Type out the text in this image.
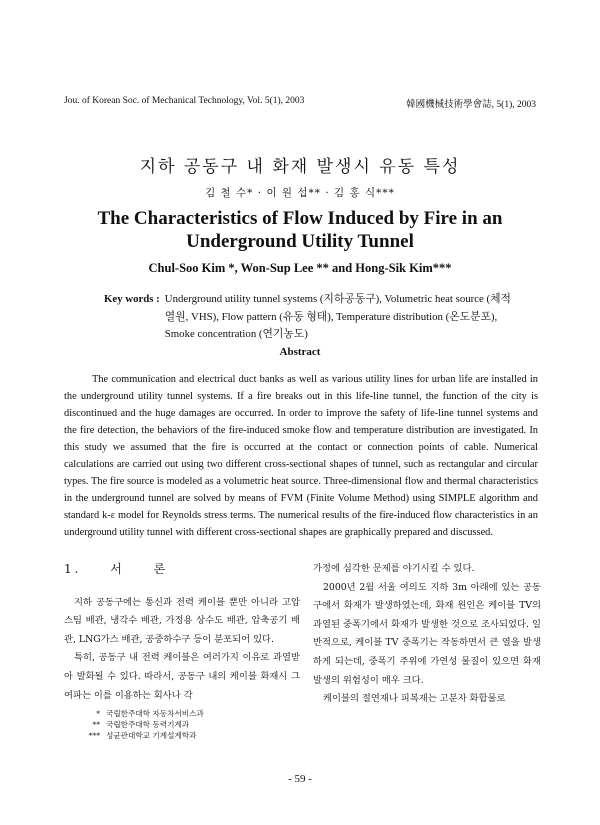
Jou. of Korean Soc. of Mechanical Technology, Vol. 5(1), 2003	韓國機械技術學會誌, 5(1), 2003
지하 공동구 내 화재 발생시 유동 특성
김 철 수* · 이 원 섭** · 김 홍 식***
The Characteristics of Flow Induced by Fire in an Underground Utility Tunnel
Chul-Soo Kim *, Won-Sup Lee ** and Hong-Sik Kim***
Key words : Underground utility tunnel systems (지하공동구), Volumetric heat source (체적 열원, VHS), Flow pattern (유동 형태), Temperature distribution (온도분포), Smoke concentration (연기농도)
Abstract
The communication and electrical duct banks as well as various utility lines for urban life are installed in the underground utility tunnel systems. If a fire breaks out in this life-line tunnel, the function of the city is discontinued and the huge damages are occurred. In order to improve the safety of life-line tunnel systems and the fire detection, the behaviors of the fire-induced smoke flow and temperature distribution are investigated. In this study we assumed that the fire is occurred at the contact or connection points of cable. Numerical calculations are carried out using two different cross-sectional shapes of tunnel, such as rectangular and circular types. The fire source is modeled as a volumetric heat source. Three-dimensional flow and thermal characteristics in the underground tunnel are solved by means of FVM (Finite Volume Method) using SIMPLE algorithm and standard k-ε model for Reynolds stress terms. The numerical results of the fire-induced flow characteristics in an underground utility tunnel with different cross-sectional shapes are graphically prepared and discussed.

1. 서 론

지하 공동구에는 통신과 전력 케이블 뿐만 아니라 고압 스팀 배관, 냉각수 배관, 가정용 상수도 배관, 압축공기 배관, LNG가스 배관, 공중하수구 등이 분포되어 있다.

특히, 공동구 내 전력 케이블은 여러가지 이유로 과열받아 발화될 수 있다. 따라서, 공동구 내의 케이블 화재시 그 여파는 이를 이용하는 회사나 각

가정에 심각한 문제를 야기시킬 수 있다.

2000년 2월 서울 여의도 지하 3m 아래에 있는 공동구에서 화재가 발생하였는데, 화재 원인은 케이블 TV의 과열된 중폭기에서 화재가 발생한 것으로 조사되었다. 일반적으로, 케이블 TV 중폭기는 작동하면서 큰 열을 발생하게 되는데, 중폭기 주위에 가연성 물질이 있으면 화재 발생의 위험성이 매우 크다.

케이블의 절연재나 피복재는 고분자 화합물로

* 국립한주대학 자동차서비스과
** 국립한주대학 동력기계과
*** 성균관대학교 기계설계학과
- 59 -
